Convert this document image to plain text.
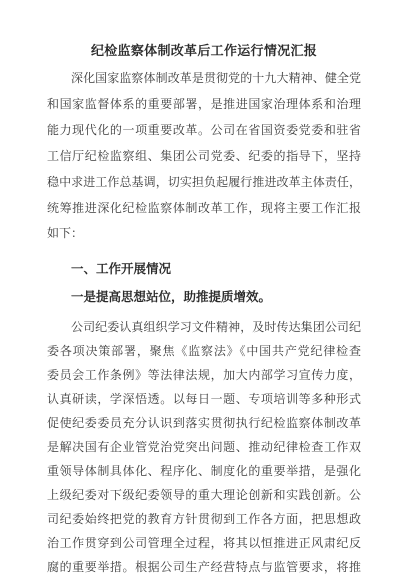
纪检监察体制改革后工作运行情况汇报
深化国家监察体制改革是贯彻党的十九大精神、健全党
和国家监督体系的重要部署，是推进国家治理体系和治理
能力现代化的一项重要改革。公司在省国资委党委和驻省
工信厅纪检监察组、集团公司党委、纪委的指导下，坚持
稳中求进工作总基调，切实担负起履行推进改革主体责任，
统筹推进深化纪检监察体制改革工作，现将主要工作汇报
如下：
一、工作开展情况
一是提高思想站位，助推提质增效。
公司纪委认真组织学习文件精神，及时传达集团公司纪
委各项决策部署，聚焦《监察法》《中国共产党纪律检查
委员会工作条例》等法律法规，加大内部学习宣传力度，
认真研读，学深悟透。以每日一题、专项培训等多种形式
促使纪委委员充分认识到落实贯彻执行纪检监察体制改革
是解决国有企业管党治党突出问题、推动纪律检查工作双
重领导体制具体化、程序化、制度化的重要举措，是强化
上级纪委对下级纪委领导的重大理论创新和实践创新。公
司纪委始终把党的教育方针贯彻到工作各方面，把思想政
治工作贯穿到公司管理全过程，将其以恒推进正风肃纪反
腐的重要举措。根据公司生产经营特点与监管要求，将推
